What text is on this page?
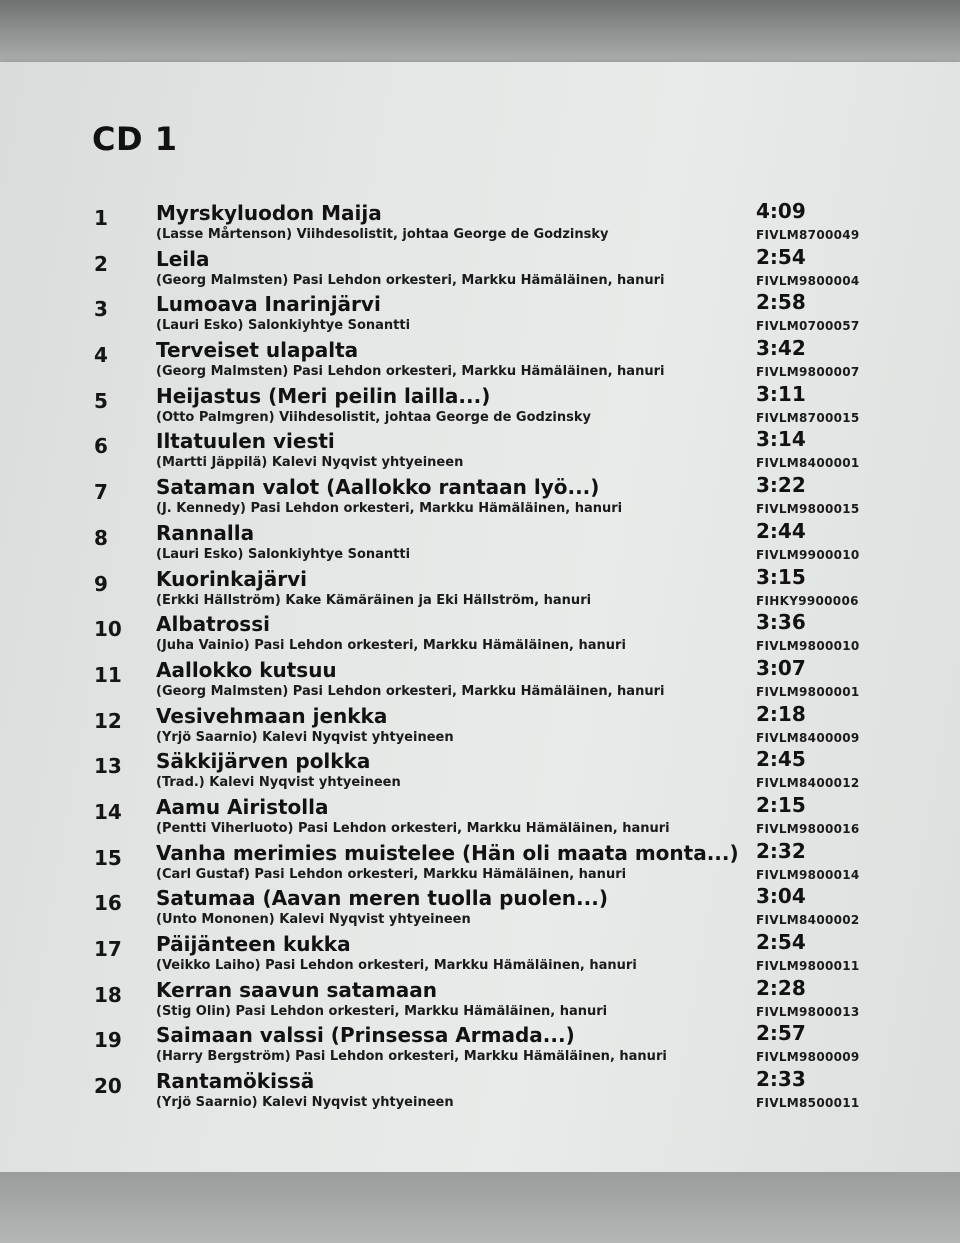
CD 1
1 Myrskyluodon Maija
(Lasse Mårtenson) Viihdesolistit, johtaa George de Godzinsky
4:09
FIVLM8700049
2 Leila
(Georg Malmsten) Pasi Lehdon orkesteri, Markku Hämäläinen, hanuri
2:54
FIVLM9800004
3 Lumoava Inarinjärvi
(Lauri Esko) Salonkiyhtye Sonantti
2:58
FIVLM0700057
4 Terveiset ulapalta
(Georg Malmsten) Pasi Lehdon orkesteri, Markku Hämäläinen, hanuri
3:42
FIVLM9800007
5 Heijastus (Meri peilin lailla...)
(Otto Palmgren) Viihdesolistit, johtaa George de Godzinsky
3:11
FIVLM8700015
6 Iltatuulen viesti
(Martti Jäppilä) Kalevi Nyqvist yhtyeineen
3:14
FIVLM8400001
7 Sataman valot (Aallokko rantaan lyö...)
(J. Kennedy) Pasi Lehdon orkesteri, Markku Hämäläinen, hanuri
3:22
FIVLM9800015
8 Rannalla
(Lauri Esko) Salonkiyhtye Sonantti
2:44
FIVLM9900010
9 Kuorinkajärvi
(Erkki Hällström) Kake Kämäräinen ja Eki Hällström, hanuri
3:15
FIHKY9900006
10 Albatrossi
(Juha Vainio) Pasi Lehdon orkesteri, Markku Hämäläinen, hanuri
3:36
FIVLM9800010
11 Aallokko kutsuu
(Georg Malmsten) Pasi Lehdon orkesteri, Markku Hämäläinen, hanuri
3:07
FIVLM9800001
12 Vesivehmaan jenkka
(Yrjö Saarnio) Kalevi Nyqvist yhtyeineen
2:18
FIVLM8400009
13 Säkkijärven polkka
(Trad.) Kalevi Nyqvist yhtyeineen
2:45
FIVLM8400012
14 Aamu Airistolla
(Pentti Viherluoto) Pasi Lehdon orkesteri, Markku Hämäläinen, hanuri
2:15
FIVLM9800016
15 Vanha merimies muistelee (Hän oli maata monta...)
(Carl Gustaf) Pasi Lehdon orkesteri, Markku Hämäläinen, hanuri
2:32
FIVLM9800014
16 Satumaa (Aavan meren tuolla puolen...)
(Unto Mononen) Kalevi Nyqvist yhtyeineen
3:04
FIVLM8400002
17 Päijänteen kukka
(Veikko Laiho) Pasi Lehdon orkesteri, Markku Hämäläinen, hanuri
2:54
FIVLM9800011
18 Kerran saavun satamaan
(Stig Olin) Pasi Lehdon orkesteri, Markku Hämäläinen, hanuri
2:28
FIVLM9800013
19 Saimaan valssi (Prinsessa Armada...)
(Harry Bergström) Pasi Lehdon orkesteri, Markku Hämäläinen, hanuri
2:57
FIVLM9800009
20 Rantamökissä
(Yrjö Saarnio) Kalevi Nyqvist yhtyeineen
2:33
FIVLM8500011
